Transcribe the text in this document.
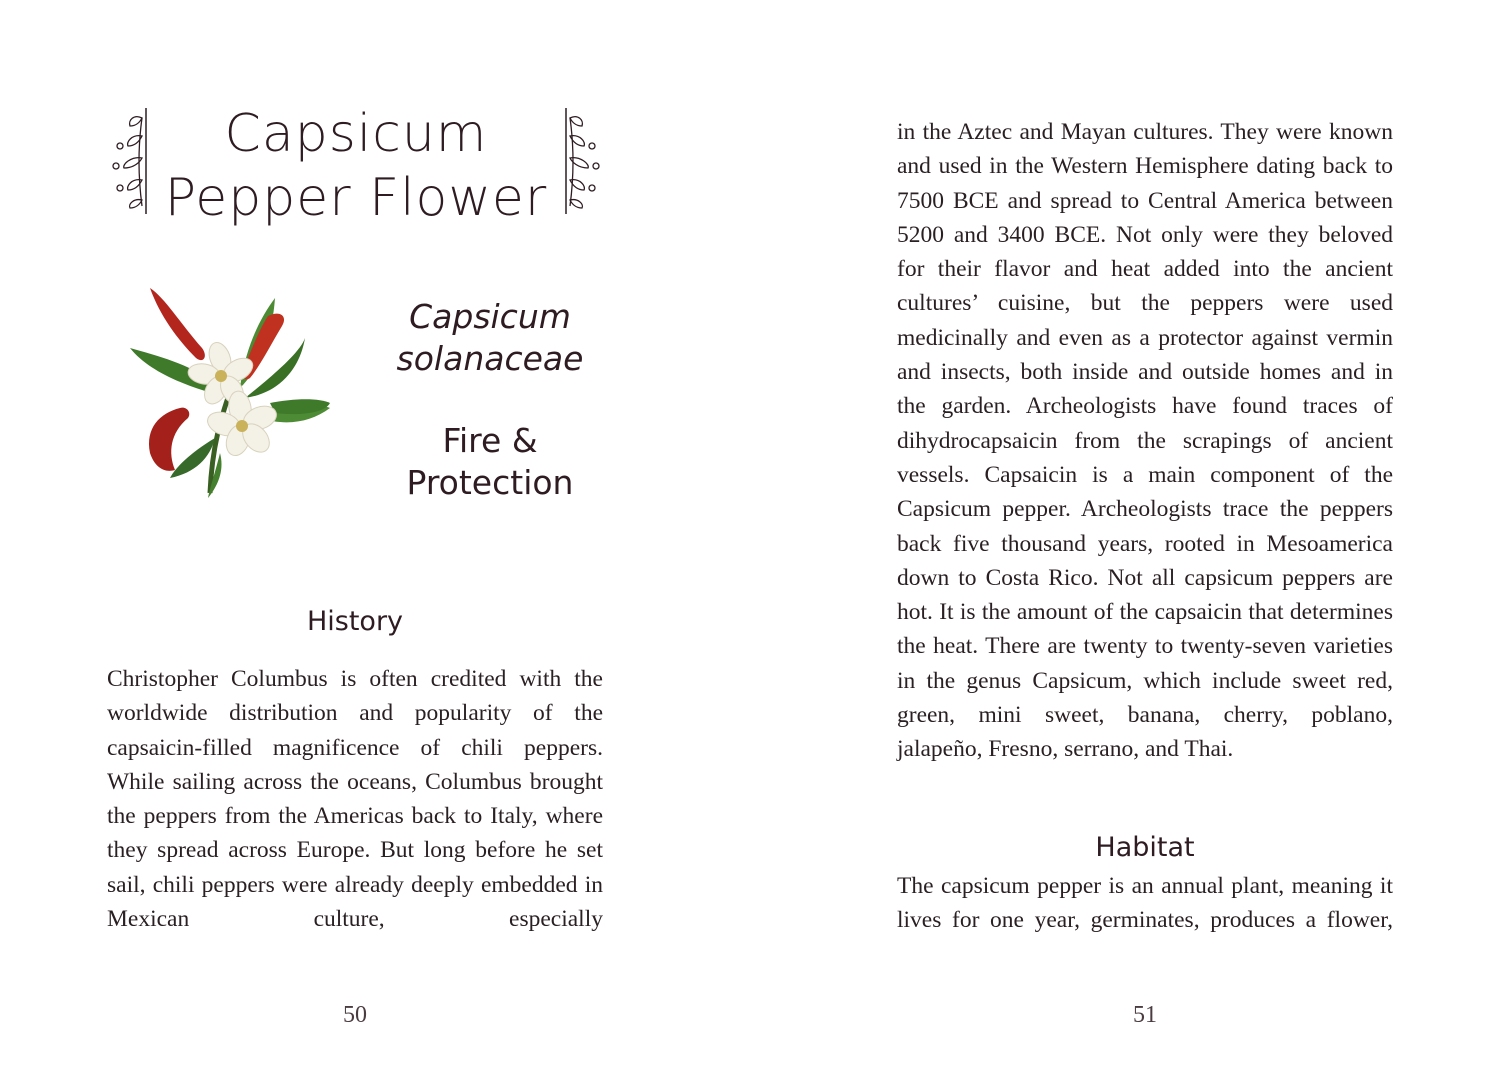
Capsicum
Pepper Flower
Capsicum
solanaceae
Fire &
Protection
History

Christopher Columbus is often credited with the worldwide distribution and popularity of the capsaicin-filled magnificence of chili peppers. While sailing across the oceans, Columbus brought the peppers from the Americas back to Italy, where they spread across Europe. But long before he set sail, chili peppers were already deeply embedded in Mexican culture, especially

50

in the Aztec and Mayan cultures. They were known and used in the Western Hemisphere dating back to 7500 BCE and spread to Central America between 5200 and 3400 BCE. Not only were they beloved for their flavor and heat added into the ancient cultures’ cuisine, but the peppers were used medicinally and even as a protector against vermin and insects, both inside and outside homes and in the garden. Archeologists have found traces of dihydrocapsaicin from the scrapings of ancient vessels. Capsaicin is a main component of the Capsicum pepper. Archeologists trace the peppers back five thousand years, rooted in Mesoamerica down to Costa Rico. Not all capsicum peppers are hot. It is the amount of the capsaicin that determines the heat. There are twenty to twenty-seven varieties in the genus Capsicum, which include sweet red, green, mini sweet, banana, cherry, poblano, jalapeño, Fresno, serrano, and Thai.

Habitat

The capsicum pepper is an annual plant, meaning it lives for one year, germinates, produces a flower,

51
